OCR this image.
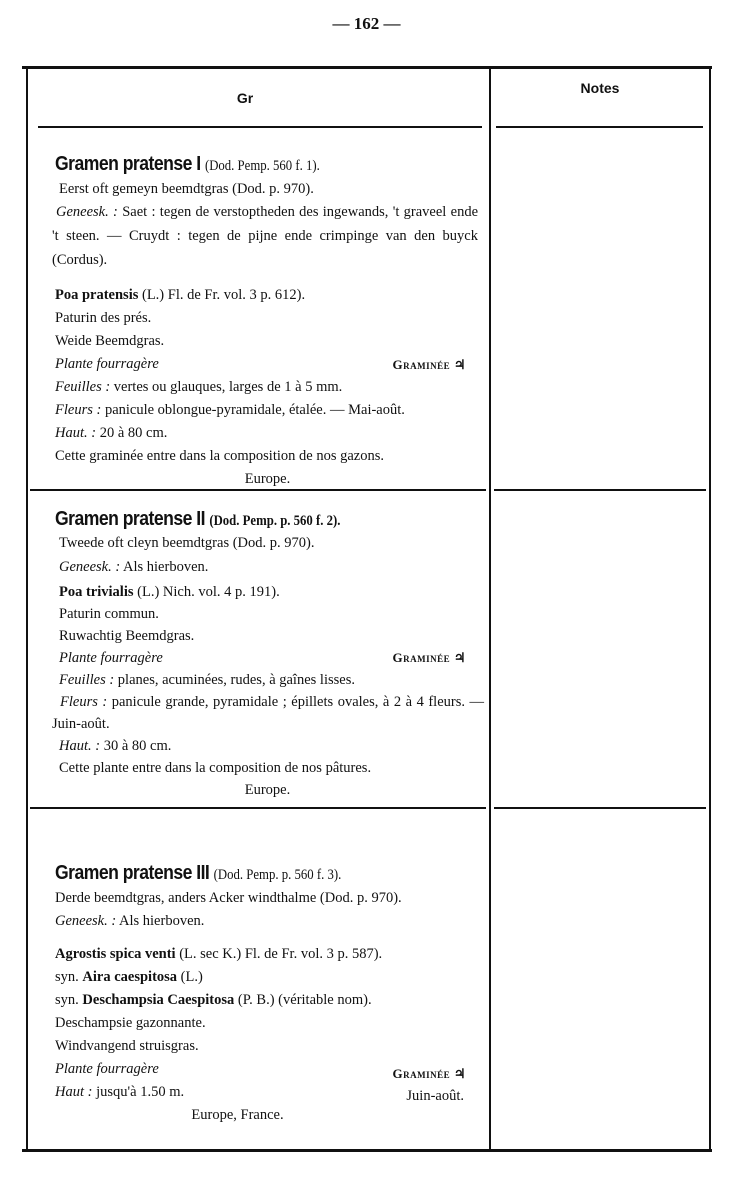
— 162 —
Gr
Notes
Gramen pratense I (Dod. Pemp. 560 f. 1).
Eerst oft gemeyn beemdtgras (Dod. p. 970).
Geneesk. : Saet : tegen de verstoptheden des ingewands, 't graveel ende 't steen. — Cruydt : tegen de pijne ende crimpinge van den buyck (Cordus).
Poa pratensis (L.) Fl. de Fr. vol. 3 p. 612).
Paturin des prés.
Weide Beemdgras.
Plante fourragère	Graminée ♃
Feuilles : vertes ou glauques, larges de 1 à 5 mm.
Fleurs : panicule oblongue-pyramidale, étalée. — Mai-août.
Haut. : 20 à 80 cm.
Cette graminée entre dans la composition de nos gazons.
Europe.
Gramen pratense II (Dod. Pemp. p. 560 f. 2).
Tweede oft cleyn beemdtgras (Dod. p. 970).
Geneesk. : Als hierboven.
Poa trivialis (L.) Nich. vol. 4 p. 191).
Paturin commun.
Ruwachtig Beemdgras.
Plante fourragère	Graminée ♃
Feuilles : planes, acuminées, rudes, à gaînes lisses.
Fleurs : panicule grande, pyramidale ; épillets ovales, à 2 à 4 fleurs. — Juin-août.
Haut. : 30 à 80 cm.
Cette plante entre dans la composition de nos pâtures.
Europe.
Gramen pratense III (Dod. Pemp. p. 560 f. 3).
Derde beemdtgras, anders Acker windthalme (Dod. p. 970).
Geneesk. : Als hierboven.
Agrostis spica venti (L. sec K.) Fl. de Fr. vol. 3 p. 587).
syn. Aira caespitosa (L.)
syn. Deschampsia Caespitosa (P. B.) (véritable nom).
Deschampsie gazonnante.
Windvangend struisgras.
Plante fourragère	Graminée ♃
Haut : jusqu'à 1.50 m.	Juin-août.
Europe, France.
